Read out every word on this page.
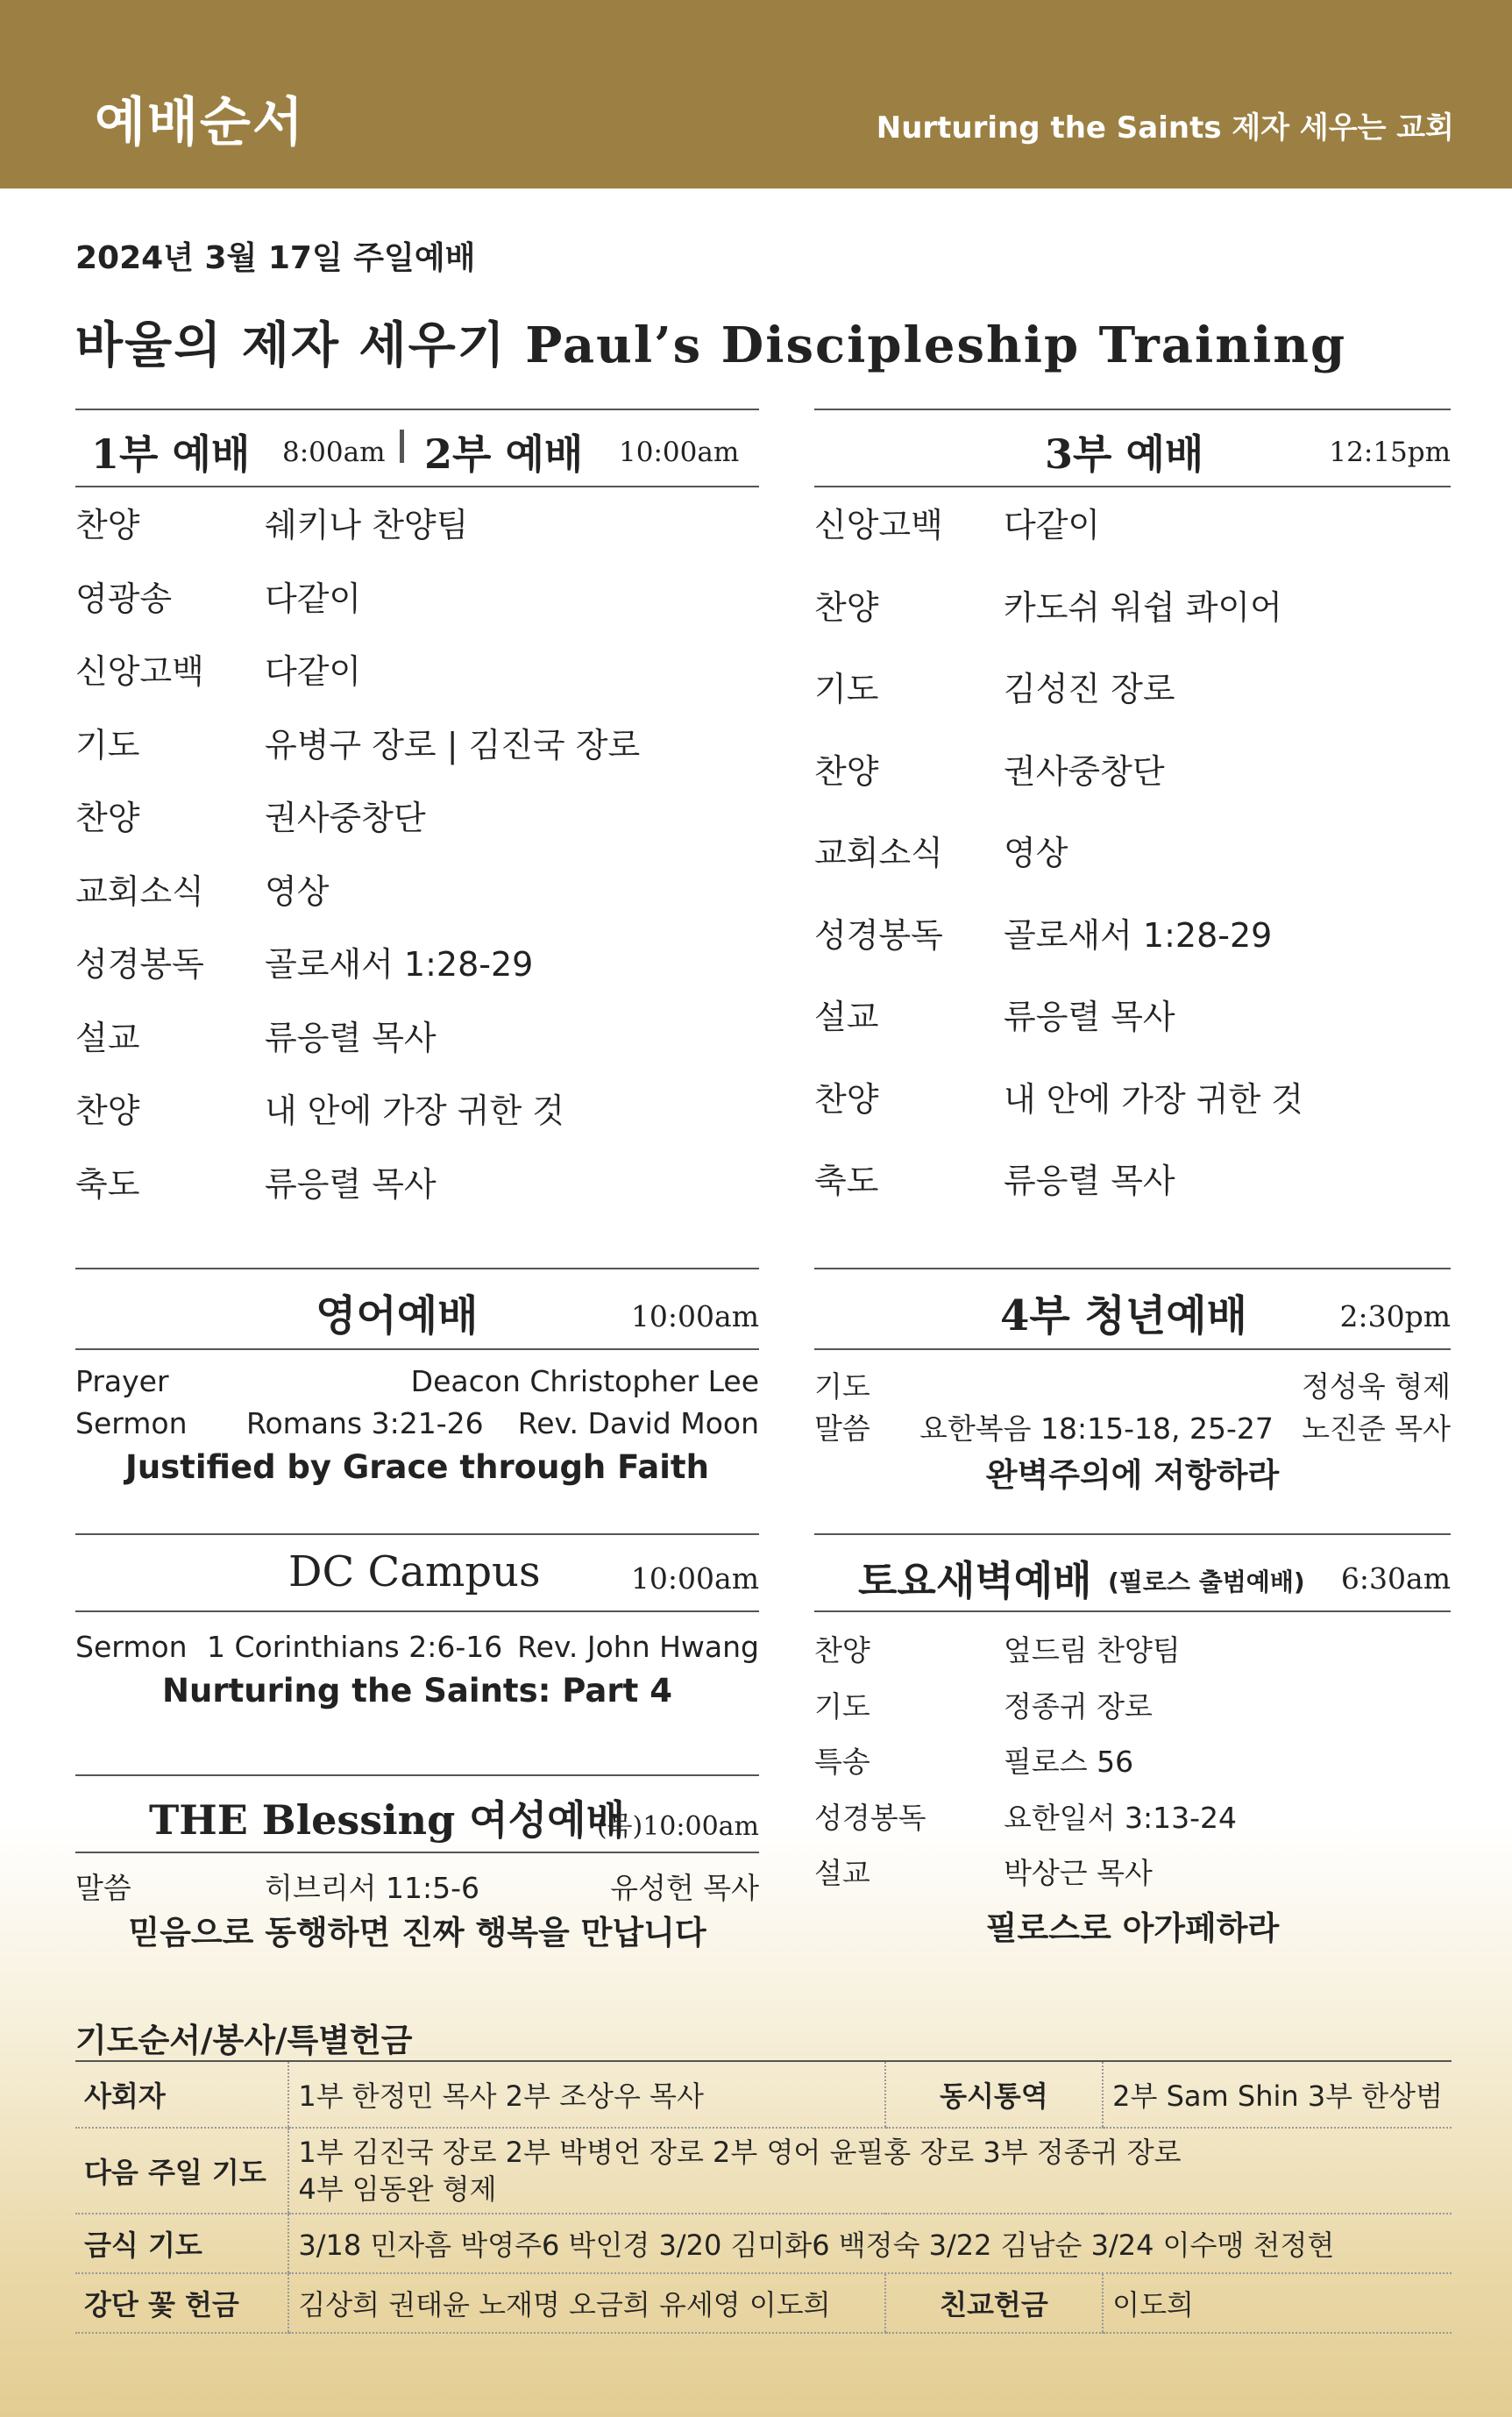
예배순서	Nurturing the Saints 제자 세우는 교회
2024년 3월 17일 주일예배
바울의 제자 세우기 Paul’s Discipleship Training
1부 예배 8:00am 2부 예배 10:00am
찬양	쉐키나 찬양팀
영광송	다같이
신앙고백 다같이
기도	유병구 장로 | 김진국 장로
찬양	권사중창단
교회소식 영상
성경봉독 골로새서 1:28-29
설교	류응렬 목사
찬양	내 안에 가장 귀한 것
축도	류응렬 목사
3부 예배	12:15pm
신앙고백 다같이
찬양	카도쉬 워쉽 콰이어
기도	김성진 장로
찬양	권사중창단
교회소식 영상
성경봉독 골로새서 1:28-29
설교	류응렬 목사
찬양	내 안에 가장 귀한 것
축도	류응렬 목사
영어예배	10:00am
Prayer	Deacon Christopher Lee
Sermon Romans 3:21-26 Rev. David Moon
Justified by Grace through Faith
4부 청년예배	2:30pm
기도	정성욱 형제
말씀 요한복음 18:15-18, 25-27 노진준 목사
완벽주의에 저항하라
DC Campus	10:00am
Sermon 1 Corinthians 2:6-16 Rev. John Hwang
Nurturing the Saints: Part 4
토요새벽예배 (필로스 출범예배) 6:30am
찬양	엎드림 찬양팀
기도	정종귀 장로
특송	필로스 56
성경봉독	요한일서 3:13-24
설교	박상근 목사
필로스로 아가페하라
THE Blessing 여성예배
(목)10:00am
말씀	히브리서 11:5-6	유성헌 목사
믿음으로 동행하면 진짜 행복을 만납니다
기도순서/봉사/특별헌금
사회자	1부 한정민 목사 2부 조상우 목사	동시통역	2부 Sam Shin 3부 한상범
다음 주일 기도	1부 김진국 장로 2부 박병언 장로 2부 영어 윤필홍 장로 3부 정종귀 장로
4부 임동완 형제		

금식 기도	3/18 민자흠 박영주6 박인경 3/20 김미화6 백정숙 3/22 김남순 3/24 이수맹 천정현		
강단 꽃 헌금	김상희 권태윤 노재명 오금희 유세영 이도희	친교헌금	이도희
